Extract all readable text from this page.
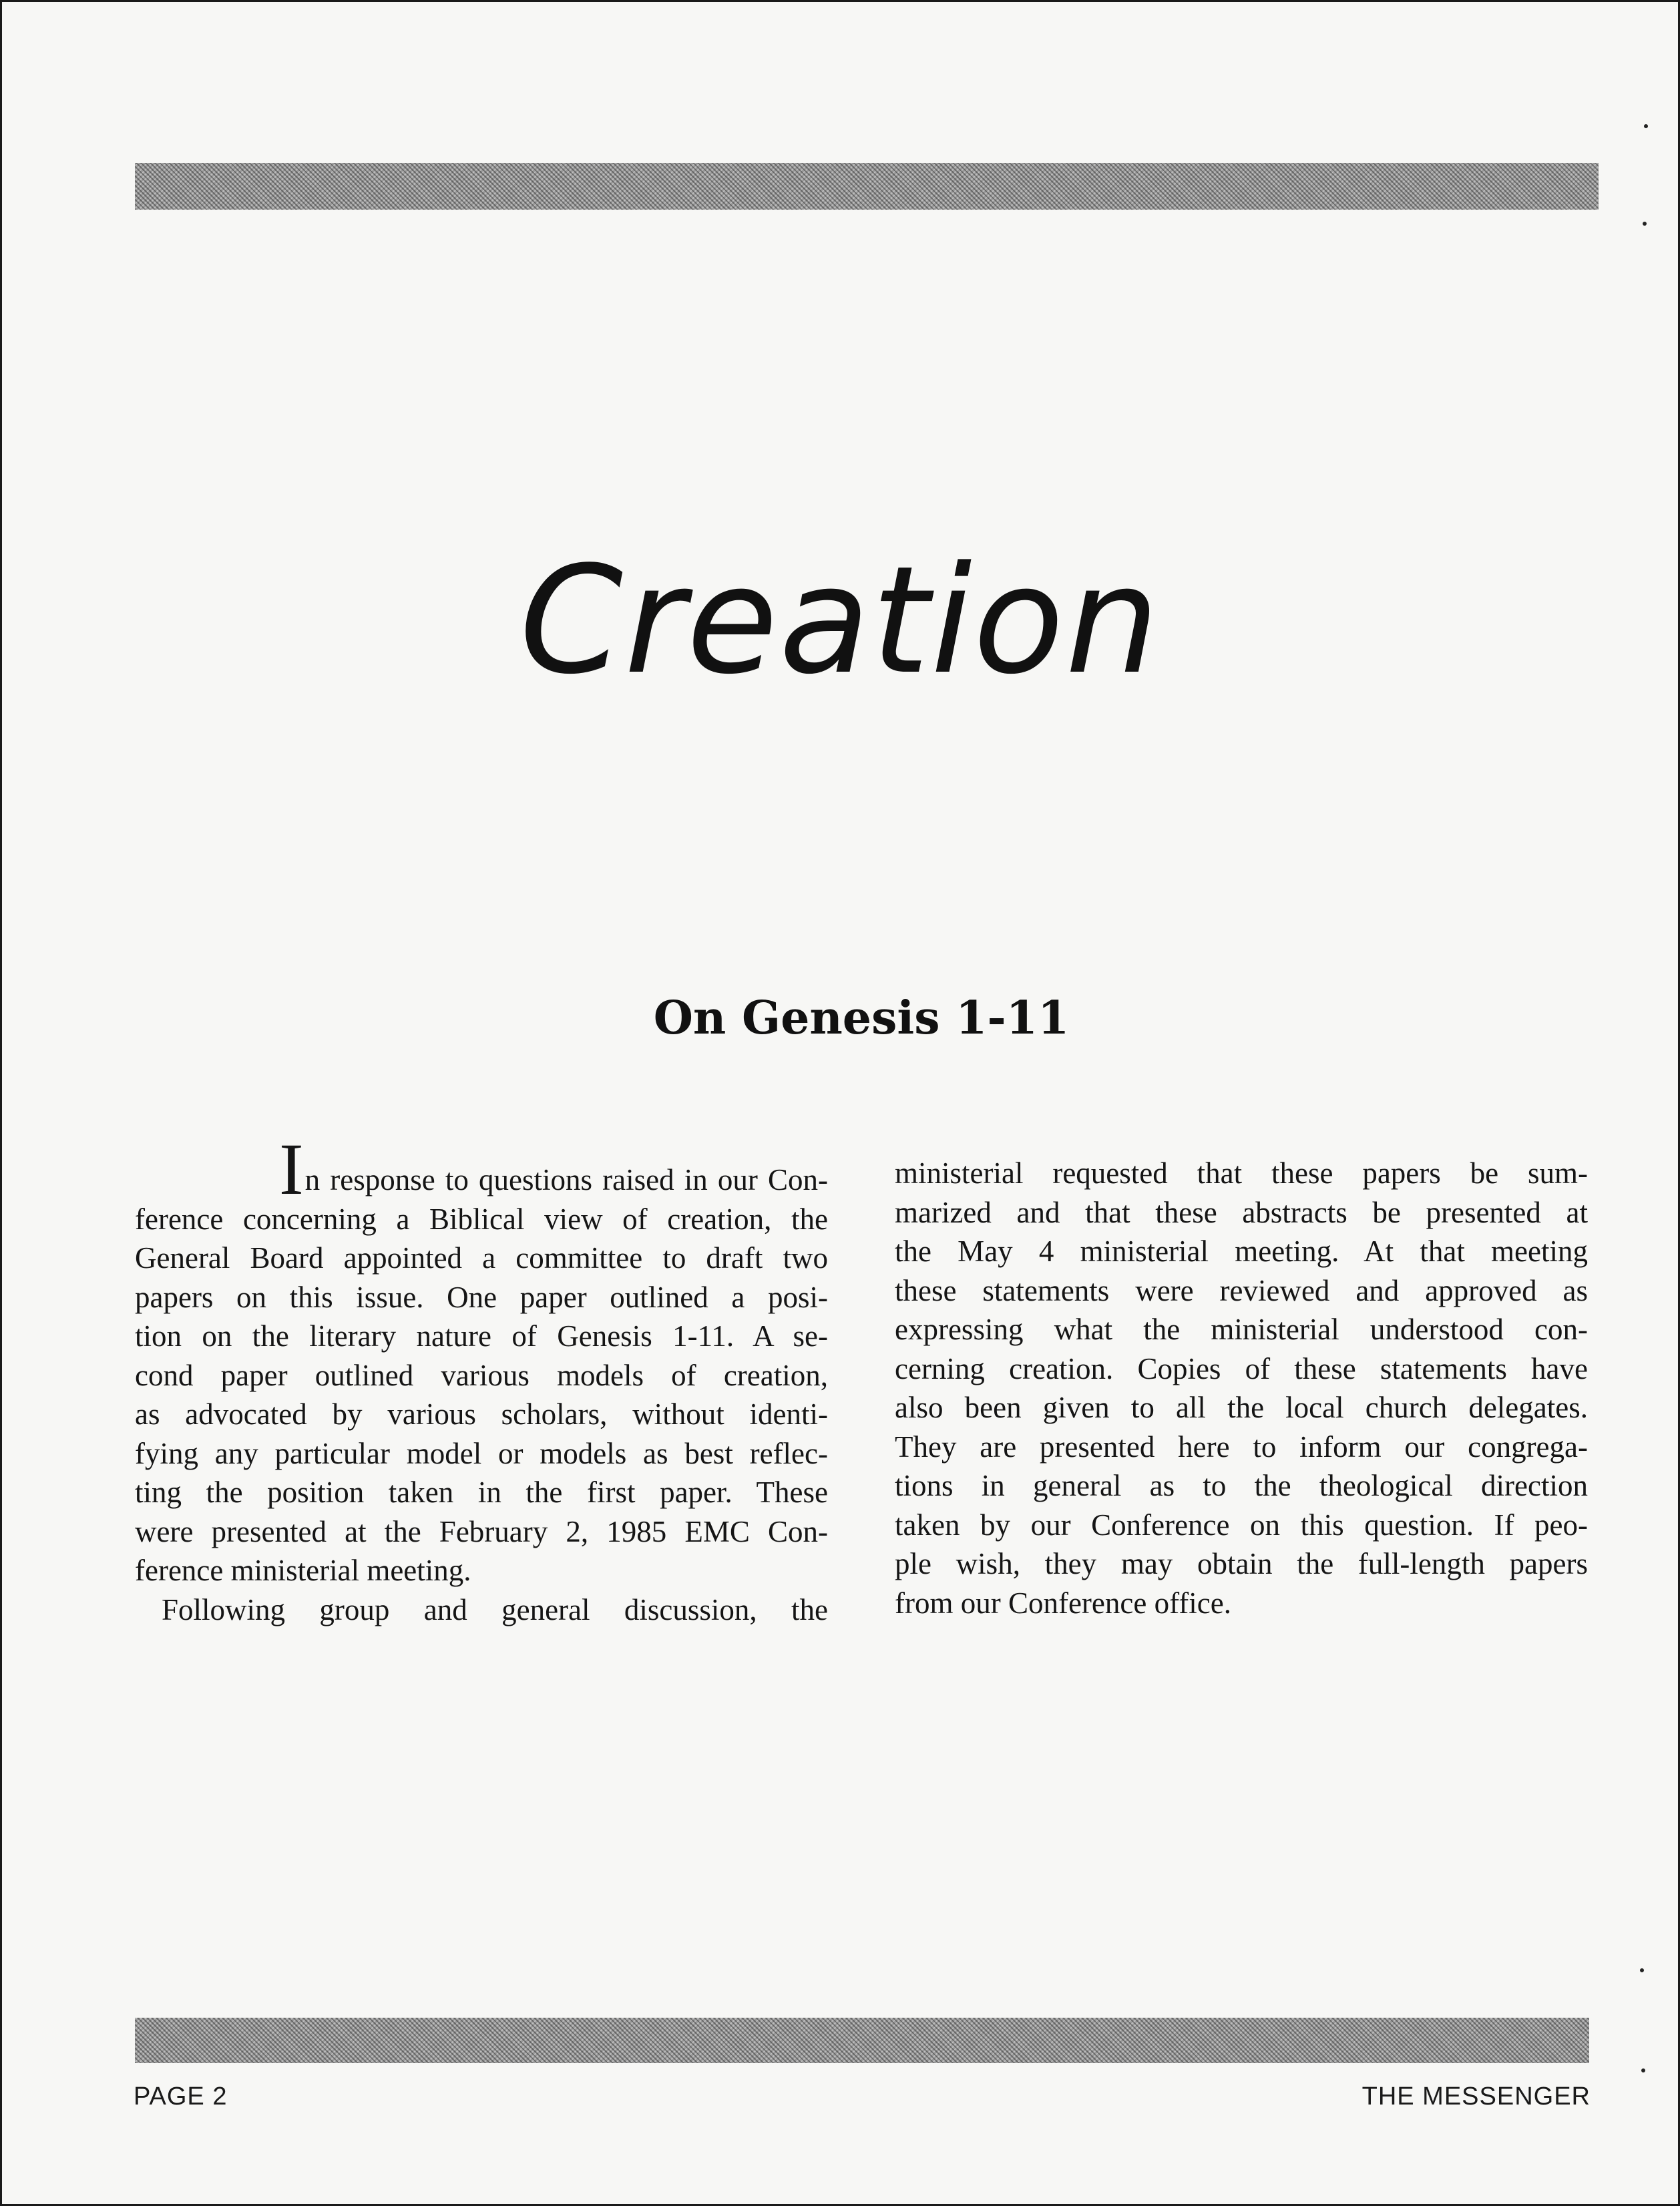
Creation
On Genesis 1-11
In response to questions raised in our Con-
ference concerning a Biblical view of creation, the
General Board appointed a committee to draft two
papers on this issue. One paper outlined a posi-
tion on the literary nature of Genesis 1-11. A se-
cond paper outlined various models of creation,
as advocated by various scholars, without identi-
fying any particular model or models as best reflec-
ting the position taken in the first paper. These
were presented at the February 2, 1985 EMC Con-
ference ministerial meeting.
Following group and general discussion, the
ministerial requested that these papers be sum-
marized and that these abstracts be presented at
the May 4 ministerial meeting. At that meeting
these statements were reviewed and approved as
expressing what the ministerial understood con-
cerning creation. Copies of these statements have
also been given to all the local church delegates.
They are presented here to inform our congrega-
tions in general as to the theological direction
taken by our Conference on this question. If peo-
ple wish, they may obtain the full-length papers
from our Conference office.
PAGE 2	THE MESSENGER
